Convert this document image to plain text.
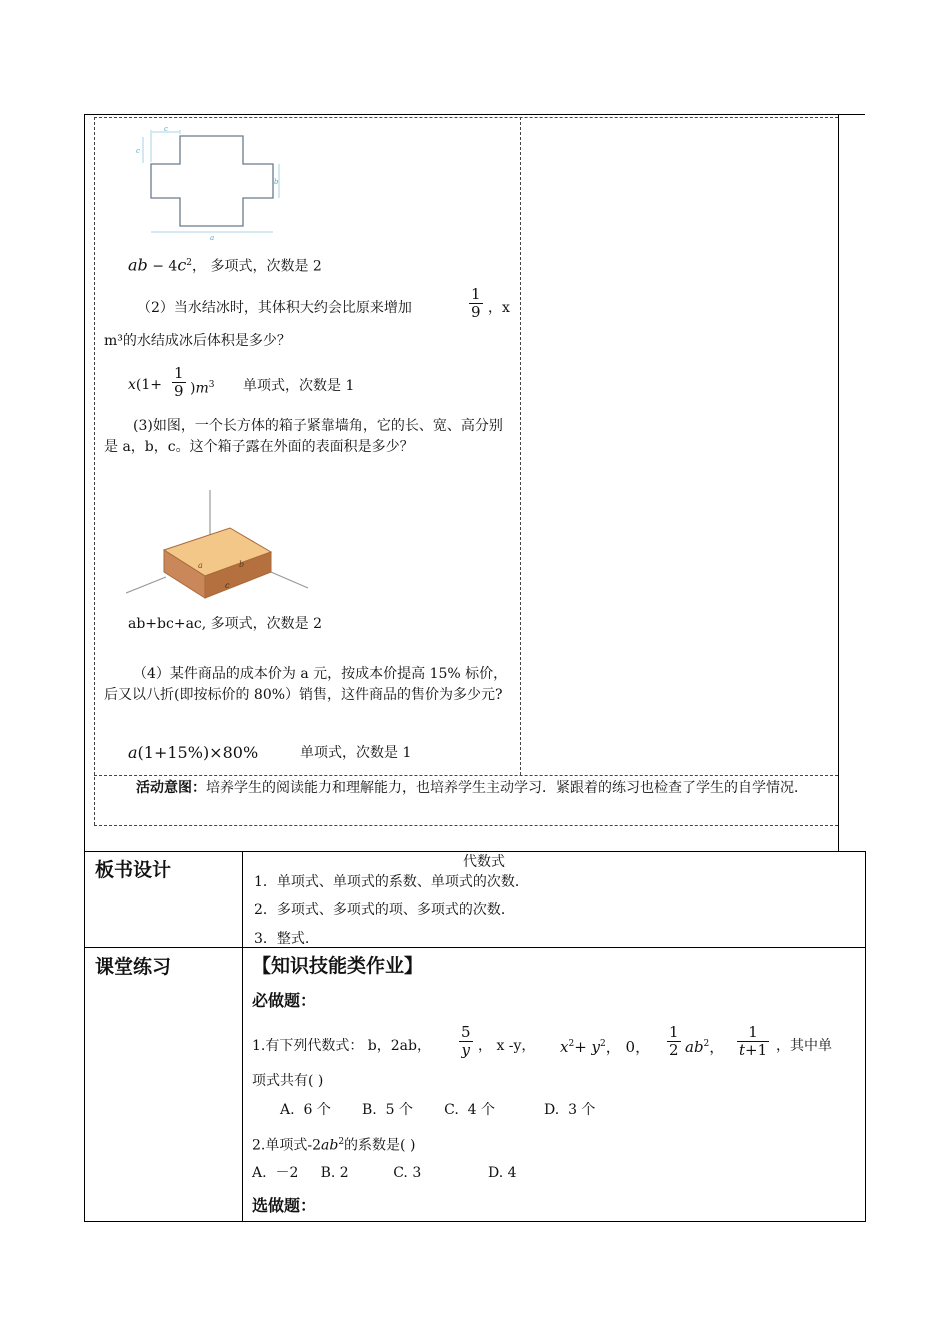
c
c
b
a
ab − $4c^2$， 多项式，次数是 2
（2）当水结冰时，其体积大约会比原来增加	$\frac{1}{9}$ ，x
m³的水结成冰后体积是多少？
$x(1+ \frac{1}{9} )m^3$ 单项式，次数是 1
(3)如图，一个长方体的箱子紧靠墙角，它的长、宽、高分别是 a，b，c。这个箱子露在外面的表面积是多少？
a	b
c
ab+bc+ac, 多项式，次数是 2
（4）某件商品的成本价为 a 元，按成本价提高 15% 标价，后又以八折(即按标价的 80%）销售，这件商品的售价为多少元?
a(1+15%)×80%	单项式，次数是 1
活动意图：培养学生的阅读能力和理解能力，也培养学生主动学习．紧跟着的练习也检查了学生的自学情况．
板书设计	代数式
1．单项式、单项式的系数、单项式的次数．
2．多项式、多项式的项、多项式的次数．
3．整式.
课堂练习	【知识技能类作业】
必做题：
1.有下列代数式： b，2ab， $\frac{5}{y}$ ， x -y， $x^2+ y^2$， 0， $\frac{1}{2} ab^2$， $\frac{1}{t+1}$ ，其中单
项式共有( )
A.  6 个       B.  5 个       C.  4 个           D.  3 个
2.单项式$-2ab^2$的系数是( )
A.  －2     B. 2          C. 3               D. 4
选做题：
